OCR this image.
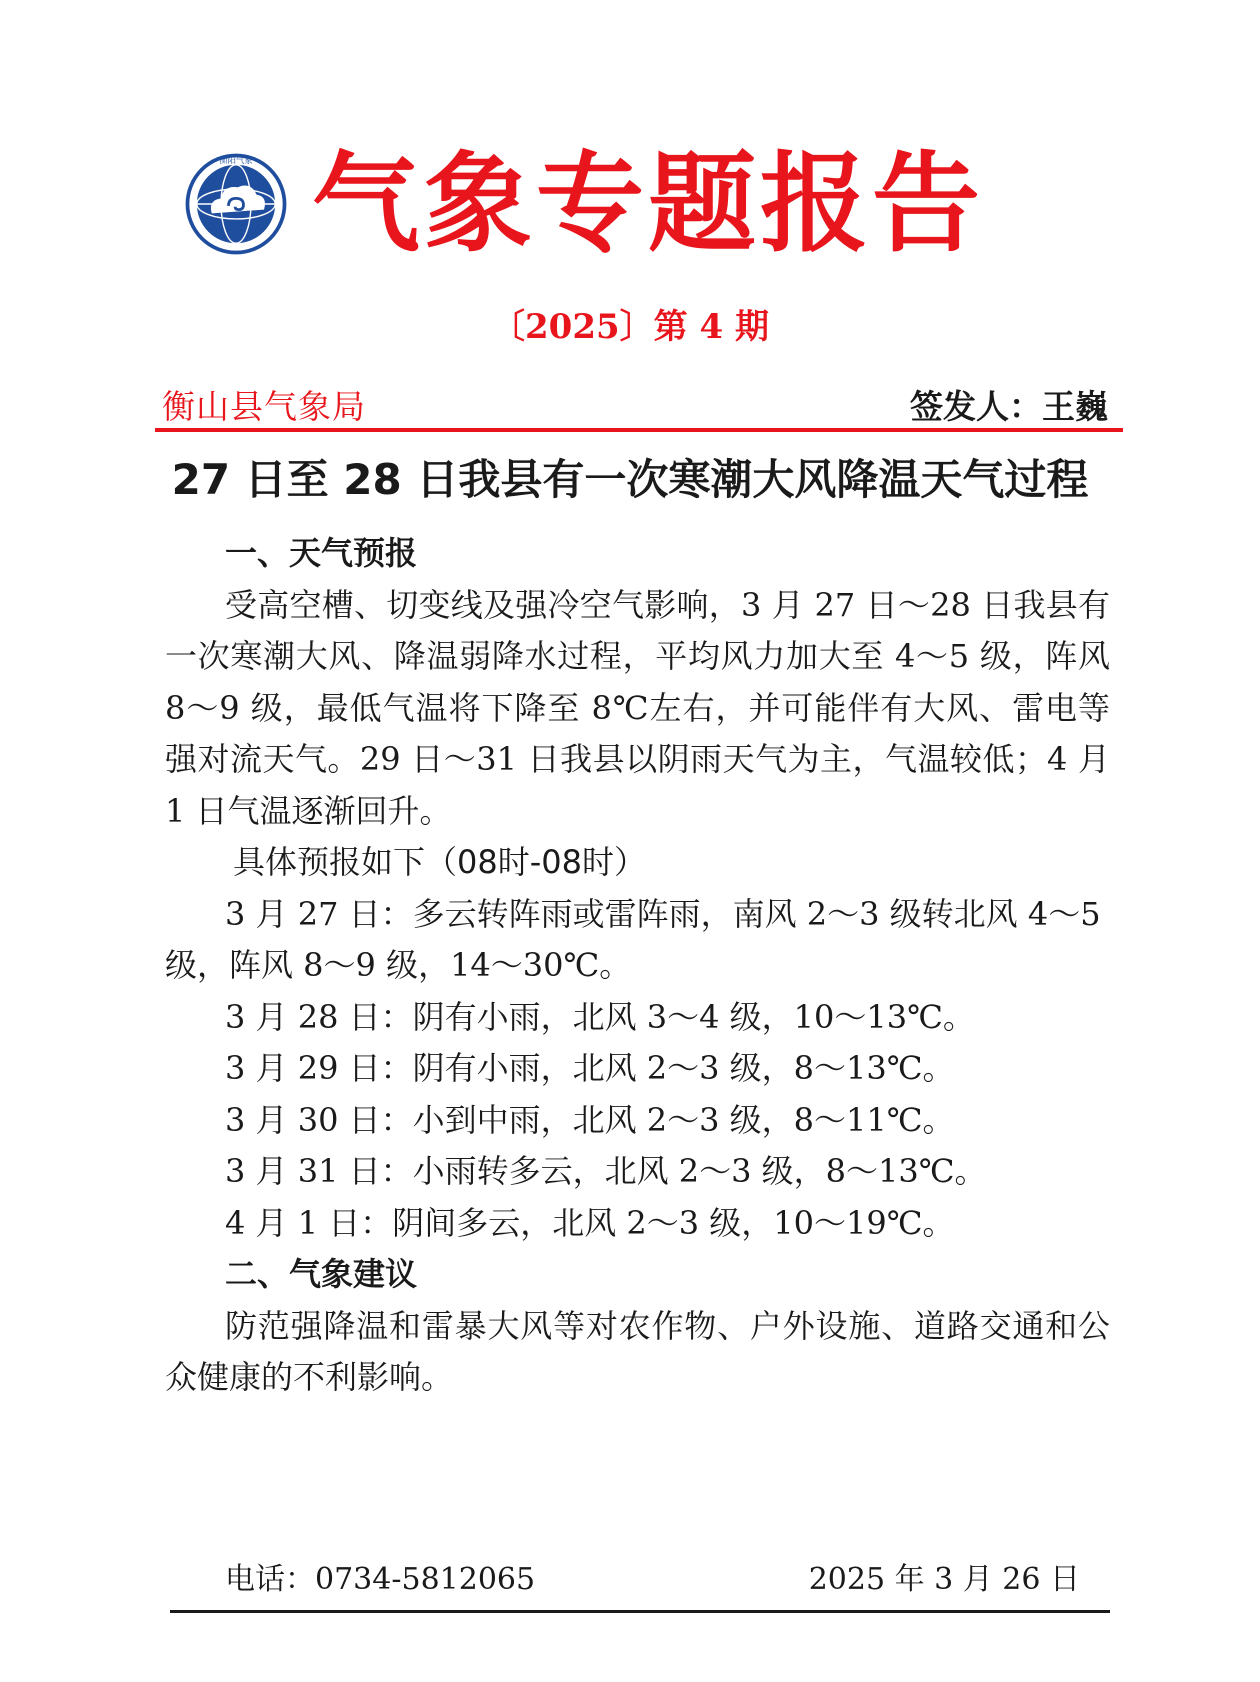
衡阳气象 气象专题报告
〔2025〕第 4 期
衡山县气象局	签发人：王巍
27 日至 28 日我县有一次寒潮大风降温天气过程

一、天气预报

受高空槽、切变线及强冷空气影响，3 月 27 日～28 日我县有一次寒潮大风、降温弱降水过程，平均风力加大至 4～5 级，阵风 8～9 级，最低气温将下降至 8℃左右，并可能伴有大风、雷电等强对流天气。29 日～31 日我县以阴雨天气为主，气温较低；4 月 1 日气温逐渐回升。

具体预报如下（08时-08时）

3 月 27 日：多云转阵雨或雷阵雨，南风 2～3 级转北风 4～5 级，阵风 8～9 级，14～30℃。

3 月 28 日：阴有小雨，北风 3～4 级，10～13℃。

3 月 29 日：阴有小雨，北风 2～3 级，8～13℃。

3 月 30 日：小到中雨，北风 2～3 级，8～11℃。

3 月 31 日：小雨转多云，北风 2～3 级，8～13℃。

4 月 1 日：阴间多云，北风 2～3 级，10～19℃。

二、气象建议

防范强降温和雷暴大风等对农作物、户外设施、道路交通和公众健康的不利影响。

电话：0734-5812065	2025 年 3 月 26 日
